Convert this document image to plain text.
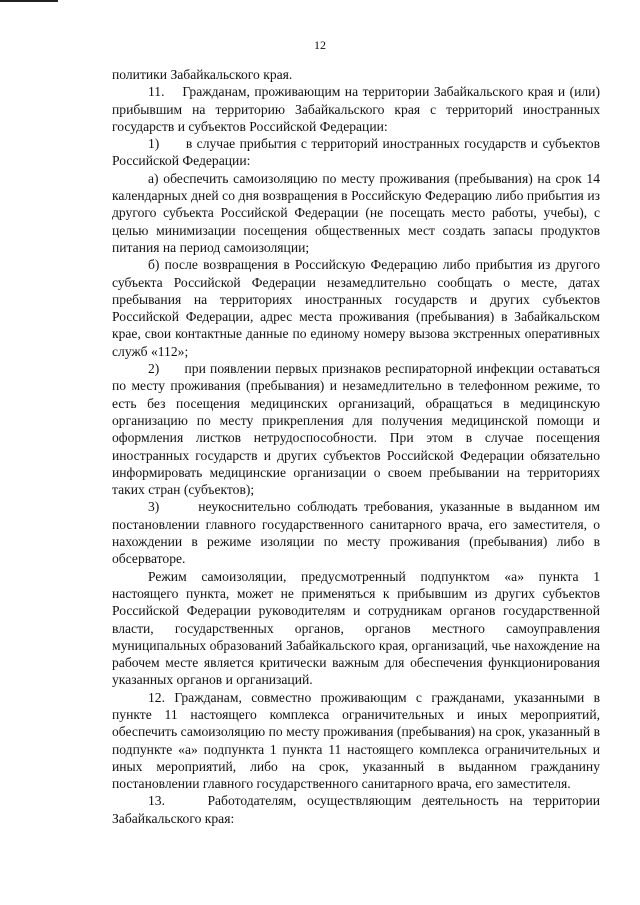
12

политики Забайкальского края.

11.    Гражданам, проживающим на территории Забайкальского края и (или) прибывшим на территорию Забайкальского края с территорий иностранных государств и субъектов Российской Федерации:

1)      в случае прибытия с территорий иностранных государств и субъектов Российской Федерации:

а) обеспечить самоизоляцию по месту проживания (пребывания) на срок 14 календарных дней со дня возвращения в Российскую Федерацию либо прибытия из другого субъекта Российской Федерации (не посещать место работы, учебы), с целью минимизации посещения общественных мест создать запасы продуктов питания на период самоизоляции;

б) после возвращения в Российскую Федерацию либо прибытия из другого субъекта Российской Федерации незамедлительно сообщать о месте, датах пребывания на территориях иностранных государств и других субъектов Российской Федерации, адрес места проживания (пребывания) в Забайкальском крае, свои контактные данные по единому номеру вызова экстренных оперативных служб «112»;

2)      при появлении первых признаков респираторной инфекции оставаться по месту проживания (пребывания) и незамедлительно в телефонном режиме, то есть без посещения медицинских организаций, обращаться в медицинскую организацию по месту прикрепления для получения медицинской помощи и оформления листков нетрудоспособности. При этом в случае посещения иностранных государств и других субъектов Российской Федерации обязательно информировать медицинские организации о своем пребывании на территориях таких стран (субъектов);

3)      неукоснительно соблюдать требования, указанные в выданном им постановлении главного государственного санитарного врача, его заместителя, о нахождении в режиме изоляции по месту проживания (пребывания) либо в обсерваторе.

Режим самоизоляции, предусмотренный подпунктом «а» пункта 1 настоящего пункта, может не применяться к прибывшим из других субъектов Российской Федерации руководителям и сотрудникам органов государственной власти, государственных органов, органов местного самоуправления муниципальных образований Забайкальского края, организаций, чье нахождение на рабочем месте является критически важным для обеспечения функционирования указанных органов и организаций.

12. Гражданам, совместно проживающим с гражданами, указанными в пункте 11 настоящего комплекса ограничительных и иных мероприятий, обеспечить самоизоляцию по месту проживания (пребывания) на срок, указанный в подпункте «а» подпункта 1 пункта 11 настоящего комплекса ограничительных и иных мероприятий, либо на срок, указанный в выданном гражданину постановлении главного государственного санитарного врача, его заместителя.

13.    Работодателям, осуществляющим деятельность на территории Забайкальского края:
